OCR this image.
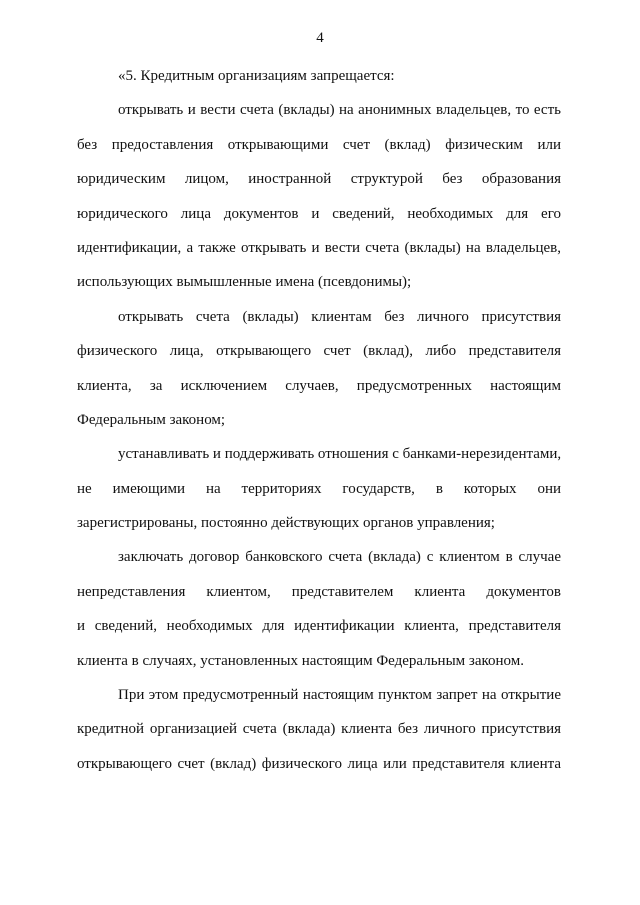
4
«5. Кредитным организациям запрещается:
открывать и вести счета (вклады) на анонимных владельцев, то есть
без предоставления открывающими счет (вклад) физическим или
юридическим лицом, иностранной структурой без образования
юридического лица документов и сведений, необходимых для его
идентификации, а также открывать и вести счета (вклады) на владельцев,
использующих вымышленные имена (псевдонимы);
открывать счета (вклады) клиентам без личного присутствия
физического лица, открывающего счет (вклад), либо представителя
клиента, за исключением случаев, предусмотренных настоящим
Федеральным законом;
устанавливать и поддерживать отношения с банками-нерезидентами,
не имеющими на территориях государств, в которых они
зарегистрированы, постоянно действующих органов управления;
заключать договор банковского счета (вклада) с клиентом в случае
непредставления клиентом, представителем клиента документов
и сведений, необходимых для идентификации клиента, представителя
клиента в случаях, установленных настоящим Федеральным законом.
При этом предусмотренный настоящим пунктом запрет на открытие
кредитной организацией счета (вклада) клиента без личного присутствия
открывающего счет (вклад) физического лица или представителя клиента
